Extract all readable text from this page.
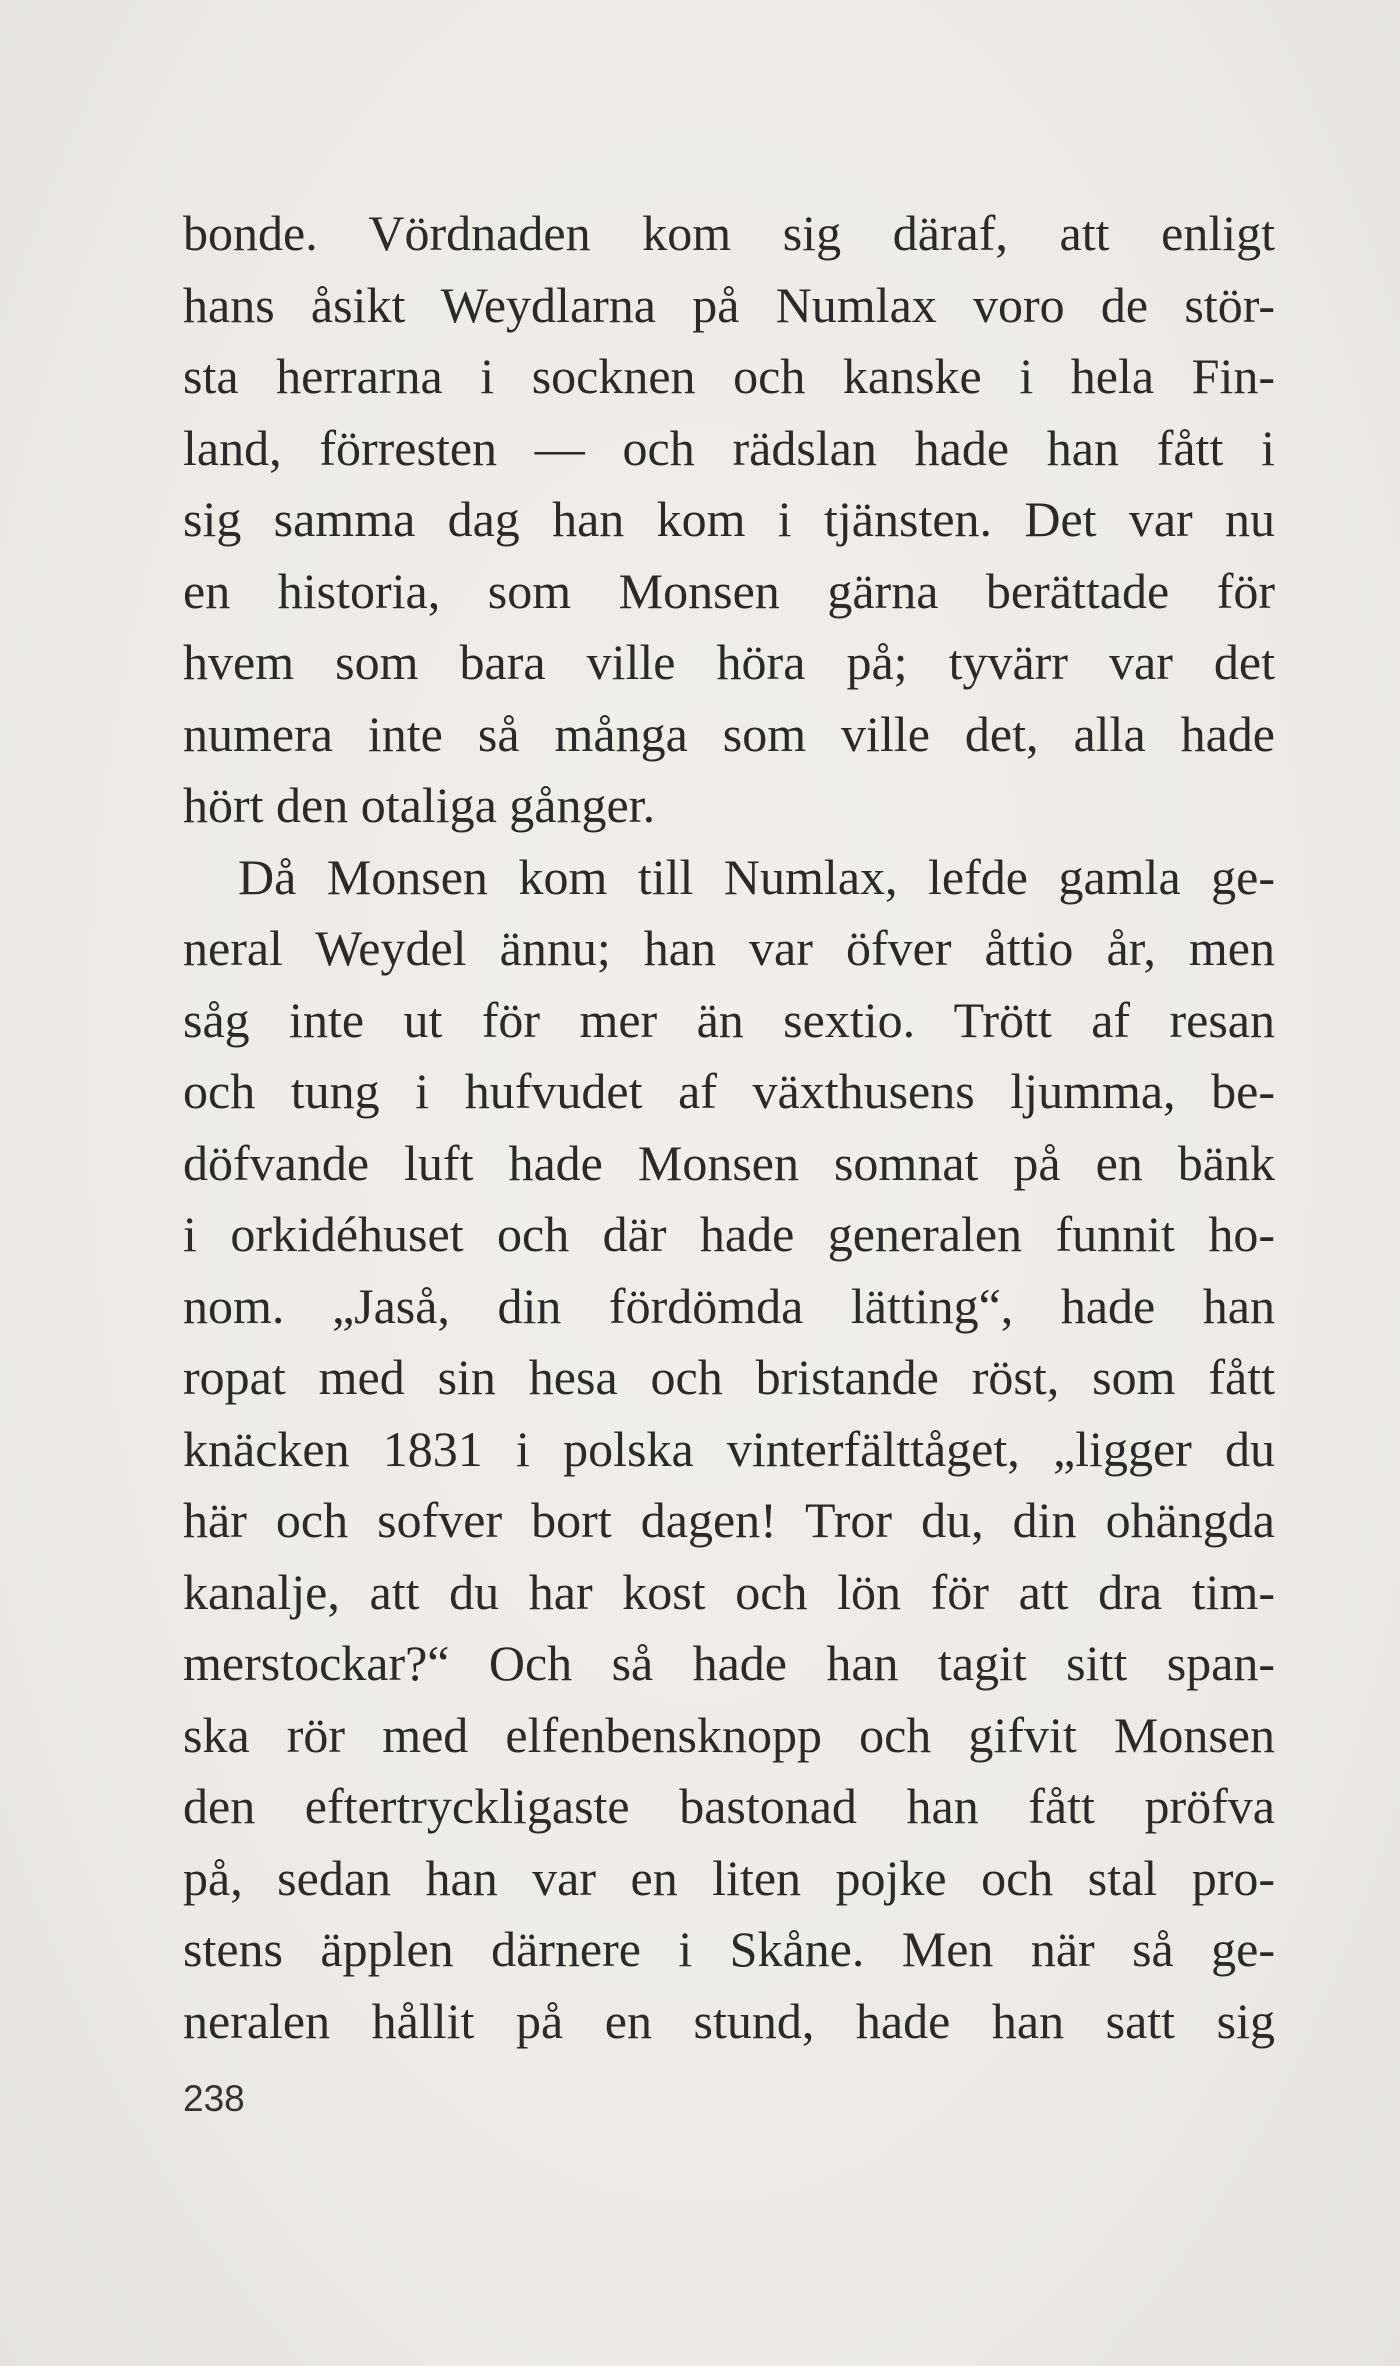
bonde. Vördnaden kom sig däraf, att enligt
hans åsikt Weydlarna på Numlax voro de stör-
sta herrarna i socknen och kanske i hela Fin-
land, förresten — och rädslan hade han fått i
sig samma dag han kom i tjänsten. Det var nu
en historia, som Monsen gärna berättade för
hvem som bara ville höra på; tyvärr var det
numera inte så många som ville det, alla hade
hört den otaliga gånger.
Då Monsen kom till Numlax, lefde gamla ge-
neral Weydel ännu; han var öfver åttio år, men
såg inte ut för mer än sextio. Trött af resan
och tung i hufvudet af växthusens ljumma, be-
döfvande luft hade Monsen somnat på en bänk
i orkidéhuset och där hade generalen funnit ho-
nom. „Jaså, din fördömda lätting“, hade han
ropat med sin hesa och bristande röst, som fått
knäcken 1831 i polska vinterfälttåget, „ligger du
här och sofver bort dagen! Tror du, din ohängda
kanalje, att du har kost och lön för att dra tim-
merstockar?“ Och så hade han tagit sitt span-
ska rör med elfenbensknopp och gifvit Monsen
den eftertryckligaste bastonad han fått pröfva
på, sedan han var en liten pojke och stal pro-
stens äpplen därnere i Skåne. Men när så ge-
neralen hållit på en stund, hade han satt sig
238
